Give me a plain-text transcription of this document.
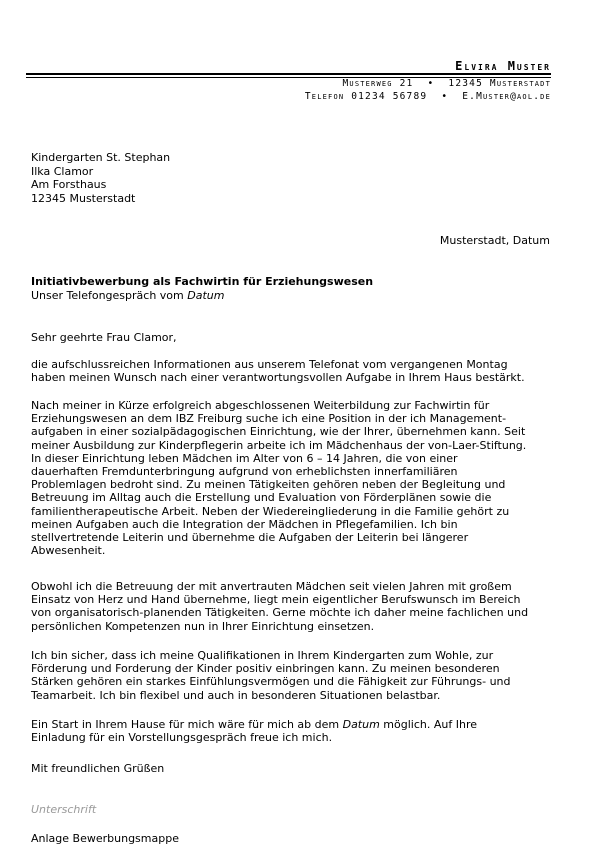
Elvira Muster
Musterweg 21 • 12345 Musterstadt
Telefon 01234 56789 • E.Muster@aol.de
Kindergarten St. Stephan
Ilka Clamor
Am Forsthaus
12345 Musterstadt
Musterstadt, Datum
Initiativbewerbung als Fachwirtin für Erziehungswesen
Unser Telefongespräch vom Datum
Sehr geehrte Frau Clamor,
die aufschlussreichen Informationen aus unserem Telefonat vom vergangenen Montag
haben meinen Wunsch nach einer verantwortungsvollen Aufgabe in Ihrem Haus bestärkt.
Nach meiner in Kürze erfolgreich abgeschlossenen Weiterbildung zur Fachwirtin für
Erziehungswesen an dem IBZ Freiburg suche ich eine Position in der ich Management-
aufgaben in einer sozialpädagogischen Einrichtung, wie der Ihrer, übernehmen kann. Seit
meiner Ausbildung zur Kinderpflegerin arbeite ich im Mädchenhaus der von-Laer-Stiftung.
In dieser Einrichtung leben Mädchen im Alter von 6 – 14 Jahren, die von einer
dauerhaften Fremdunterbringung aufgrund von erheblichsten innerfamiliären
Problemlagen bedroht sind. Zu meinen Tätigkeiten gehören neben der Begleitung und
Betreuung im Alltag auch die Erstellung und Evaluation von Förderplänen sowie die
familientherapeutische Arbeit. Neben der Wiedereingliederung in die Familie gehört zu
meinen Aufgaben auch die Integration der Mädchen in Pflegefamilien. Ich bin
stellvertretende Leiterin und übernehme die Aufgaben der Leiterin bei längerer
Abwesenheit.
Obwohl ich die Betreuung der mit anvertrauten Mädchen seit vielen Jahren mit großem
Einsatz von Herz und Hand übernehme, liegt mein eigentlicher Berufswunsch im Bereich
von organisatorisch-planenden Tätigkeiten. Gerne möchte ich daher meine fachlichen und
persönlichen Kompetenzen nun in Ihrer Einrichtung einsetzen.
Ich bin sicher, dass ich meine Qualifikationen in Ihrem Kindergarten zum Wohle, zur
Förderung und Forderung der Kinder positiv einbringen kann. Zu meinen besonderen
Stärken gehören ein starkes Einfühlungsvermögen und die Fähigkeit zur Führungs- und
Teamarbeit. Ich bin flexibel und auch in besonderen Situationen belastbar.
Ein Start in Ihrem Hause für mich wäre für mich ab dem Datum möglich. Auf Ihre
Einladung für ein Vorstellungsgespräch freue ich mich.
Mit freundlichen Grüßen
Unterschrift
Anlage Bewerbungsmappe
